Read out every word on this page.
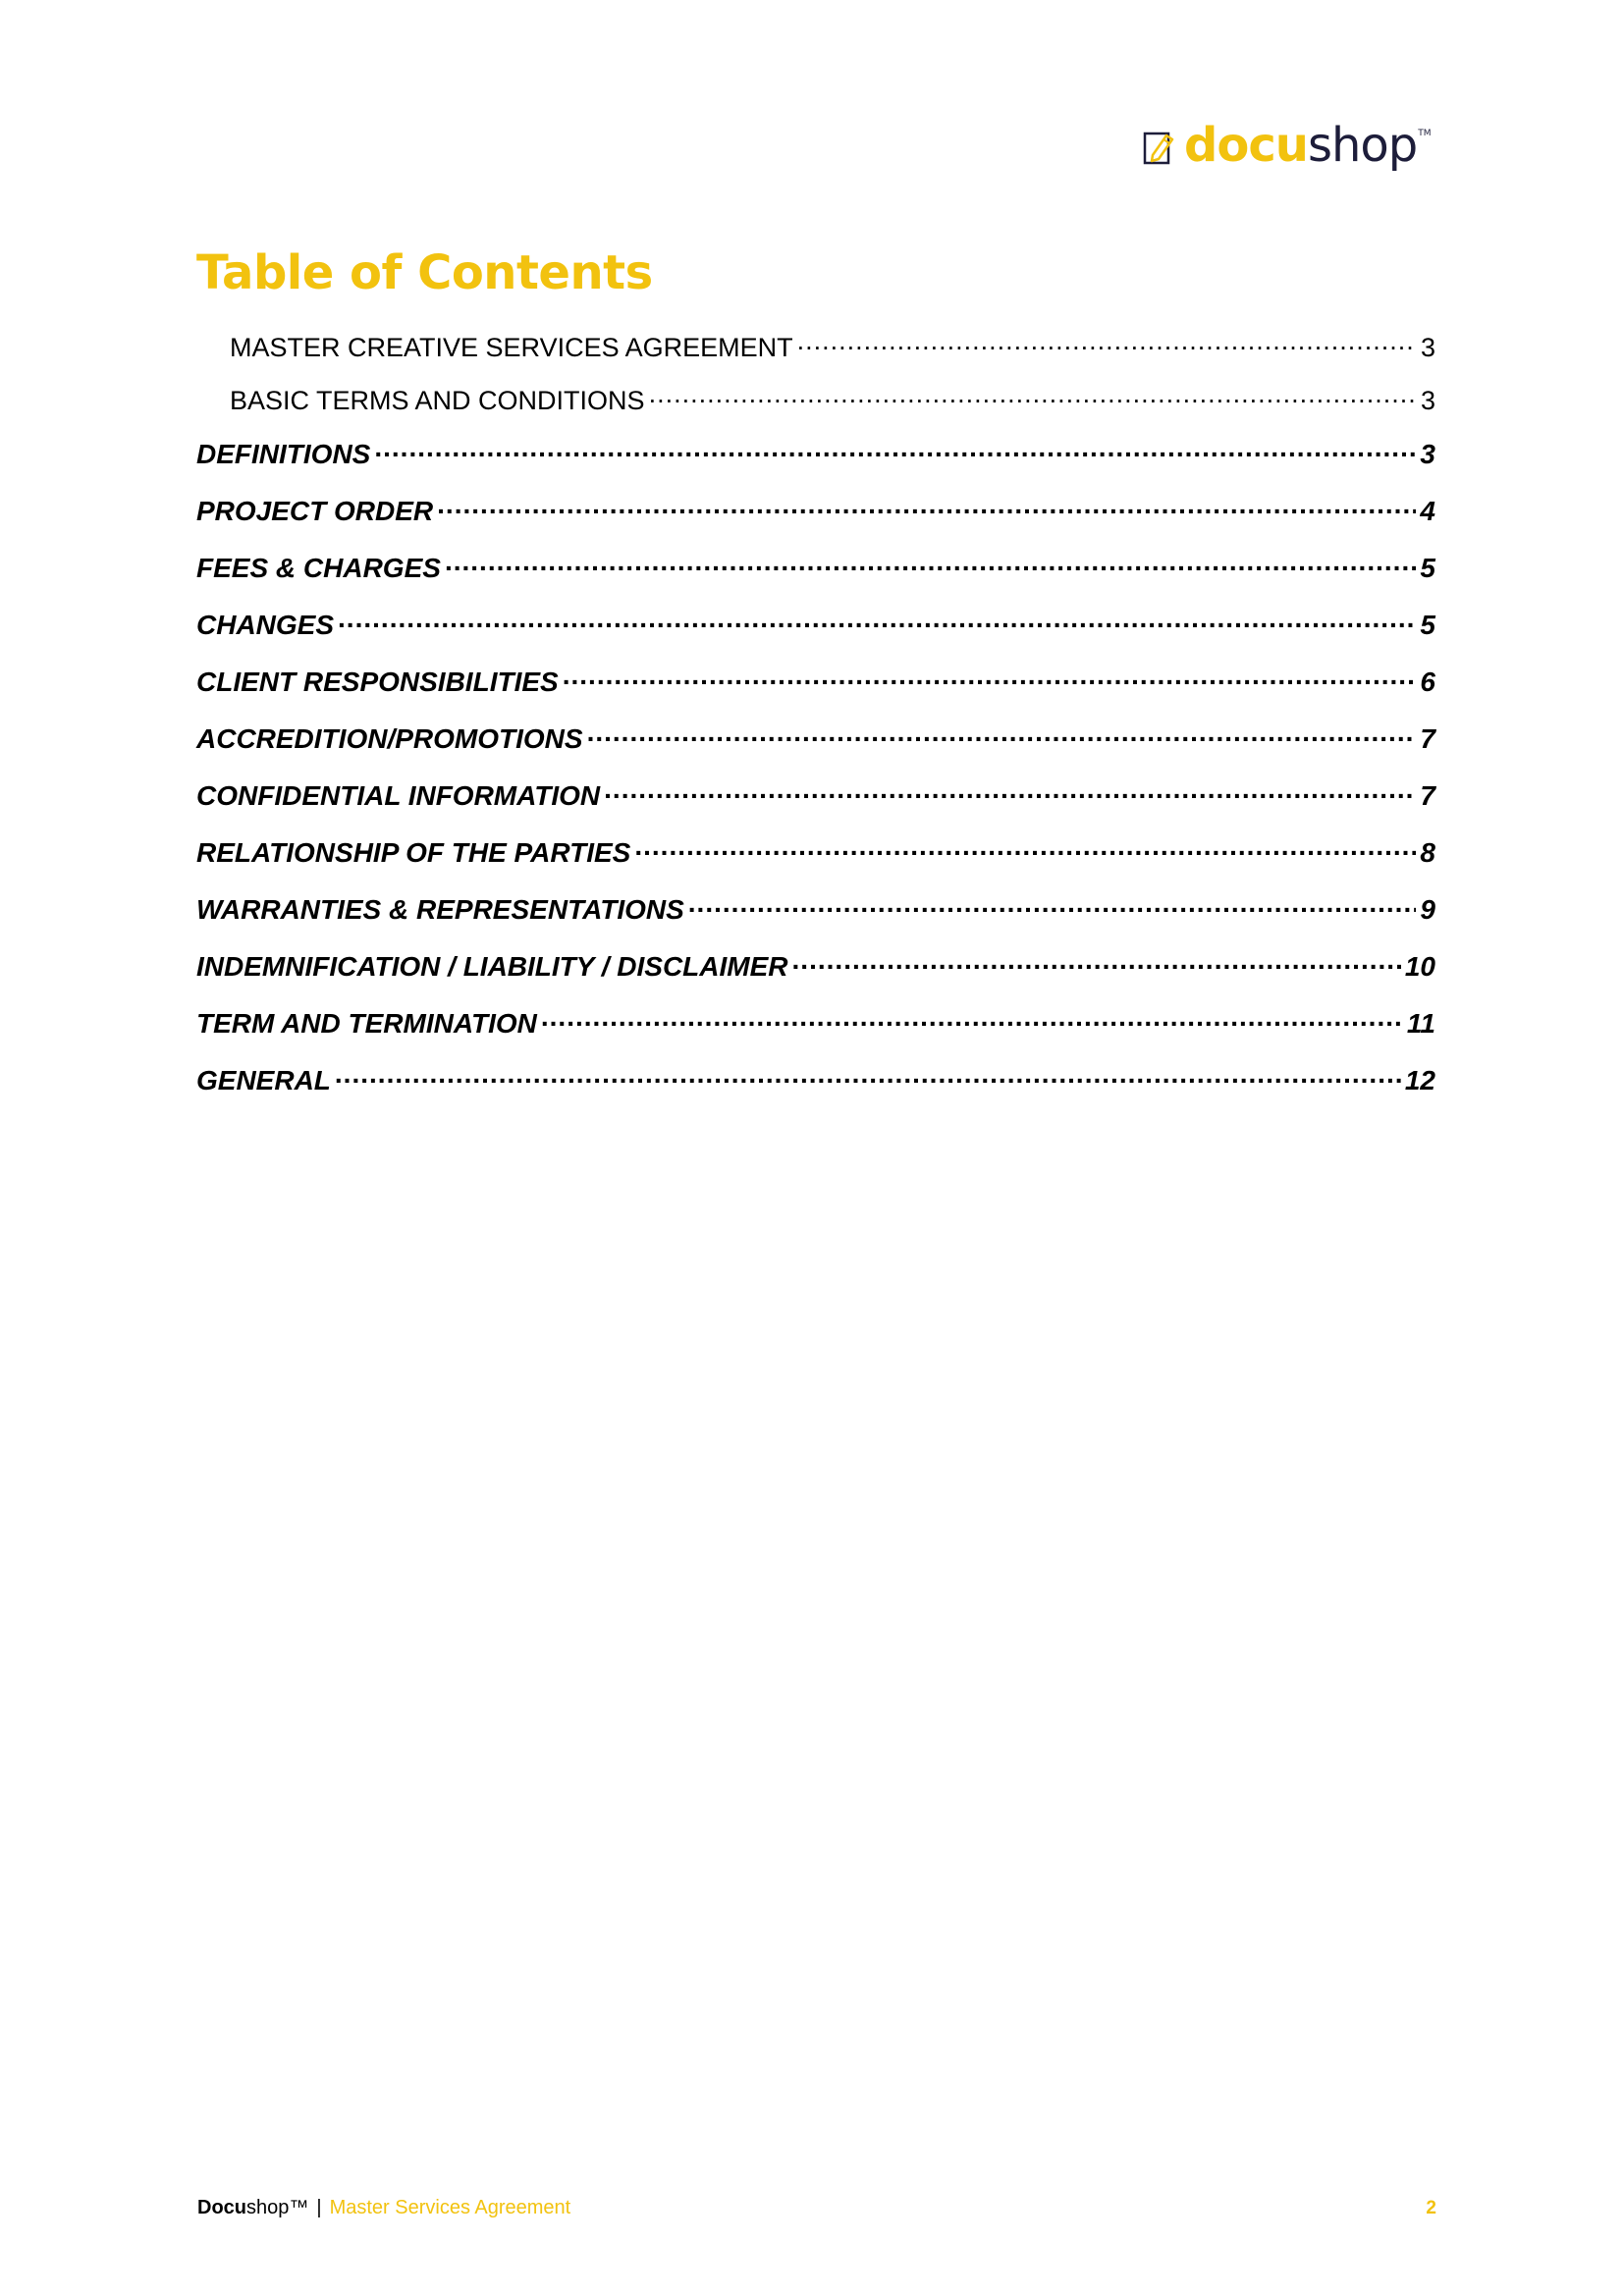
docu shop TM
Table of Contents
MASTER CREATIVE SERVICES AGREEMENT .....	3
BASIC TERMS AND CONDITIONS .....	3
DEFINITIONS .....	3
PROJECT ORDER .....	4
FEES & CHARGES .....	5
CHANGES .....	5
CLIENT RESPONSIBILITIES .....	6
ACCREDITION/PROMOTIONS .....	7
CONFIDENTIAL INFORMATION .....	7
RELATIONSHIP OF THE PARTIES .....	8
WARRANTIES & REPRESENTATIONS .....	9
INDEMNIFICATION / LIABILITY / DISCLAIMER .....	10
TERM AND TERMINATION .....	11
GENERAL .....	12
Docushop™ | Master Services Agreement	2
